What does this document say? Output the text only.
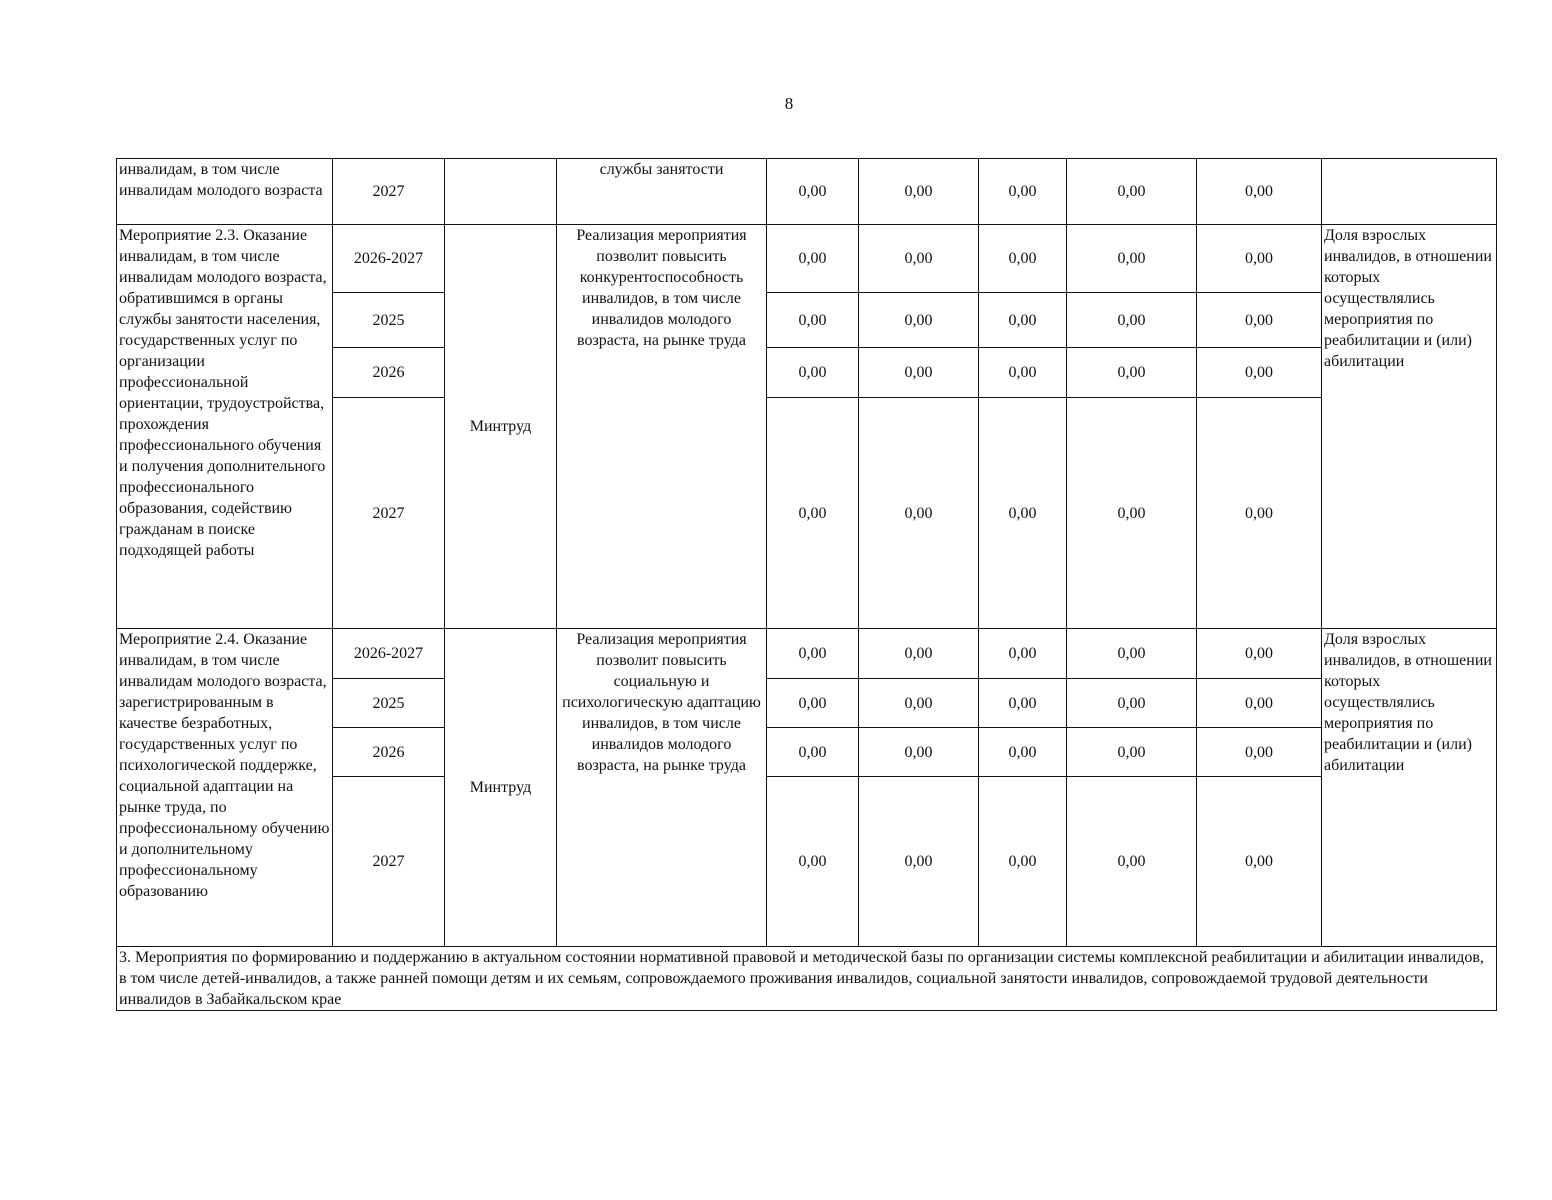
8
инвалидам, в том числе инвалидам молодого возраста	2027		службы занятости	0,00	0,00	0,00	0,00	0,00	
Мероприятие 2.3. Оказание инвалидам, в том числе инвалидам молодого возраста, обратившимся в органы службы занятости населения, государственных услуг по организации профессиональной ориентации, трудоустройства, прохождения профессионального обучения и получения дополнительного профессионального образования, содействию гражданам в поиске подходящей работы	2026-2027	Минтруд	Реализация мероприятия позволит повысить конкурентоспособность инвалидов, в том числе инвалидов молодого возраста, на рынке труда	0,00	0,00	0,00	0,00	0,00	Доля взрослых инвалидов, в отношении которых осуществлялись мероприятия по реабилитации и (или) абилитации
	2025			0,00	0,00	0,00	0,00	0,00	
	2026			0,00	0,00	0,00	0,00	0,00	
	2027			0,00	0,00	0,00	0,00	0,00	
Мероприятие 2.4. Оказание инвалидам, в том числе инвалидам молодого возраста, зарегистрированным в качестве безработных, государственных услуг по психологической поддержке, социальной адаптации на рынке труда, по профессиональному обучению и дополнительному профессиональному образованию	2026-2027	Минтруд	Реализация мероприятия позволит повысить социальную и психологическую адаптацию инвалидов, в том числе инвалидов молодого возраста, на рынке труда	0,00	0,00	0,00	0,00	0,00	Доля взрослых инвалидов, в отношении которых осуществлялись мероприятия по реабилитации и (или) абилитации
	2025			0,00	0,00	0,00	0,00	0,00	
	2026			0,00	0,00	0,00	0,00	0,00	
	2027			0,00	0,00	0,00	0,00	0,00	
3. Мероприятия по формированию и поддержанию в актуальном состоянии нормативной правовой и методической базы по организации системы комплексной реабилитации и абилитации инвалидов, в том числе детей-инвалидов, а также ранней помощи детям и их семьям, сопровождаемого проживания инвалидов, социальной занятости инвалидов, сопровождаемой трудовой деятельности инвалидов в Забайкальском крае									
